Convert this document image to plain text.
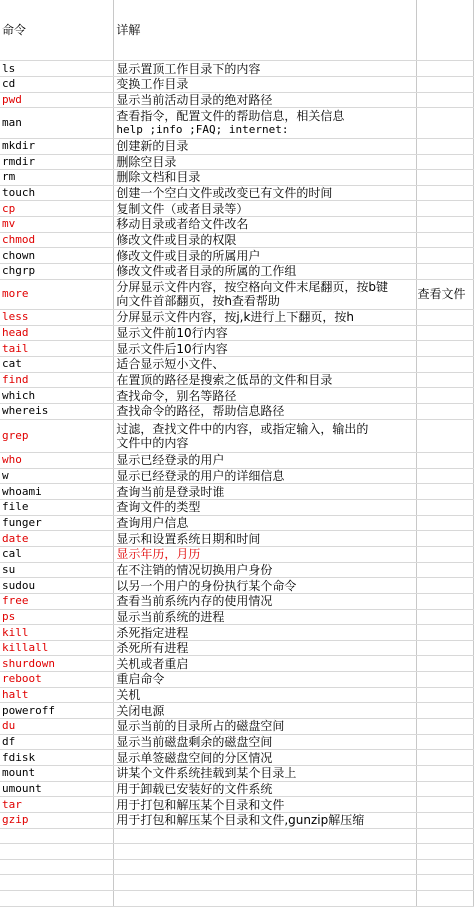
命令	详解	
ls	显示置顶工作目录下的内容	
cd	变换工作目录	
pwd	显示当前活动目录的绝对路径	
man	查看指令，配置文件的帮助信息，相关信息
help ;info ;FAQ; internet:	

mkdir	创建新的目录	
rmdir	删除空目录	
rm	删除文档和目录	
touch	创建一个空白文件或改变已有文件的时间	
cp	复制文件（或者目录等）	
mv	移动目录或者给文件改名	
chmod	修改文件或目录的权限	
chown	修改文件或目录的所属用户	
chgrp	修改文件或者目录的所属的工作组	
more	分屏显示文件内容，按空格向文件末尾翻页，按b键
向文件首部翻页，按h查看帮助	查看文件
less	分屏显示文件内容，按j,k进行上下翻页，按h	
head	显示文件前10行内容	
tail	显示文件后10行内容	
cat	适合显示短小文件、	
find	在置顶的路径是搜索之低昂的文件和目录	
which	查找命令，别名等路径	
whereis	查找命令的路径，帮助信息路径	
grep	过滤，查找文件中的内容，或指定输入，输出的
文件中的内容	

who	显示已经登录的用户	
w	显示已经登录的用户的详细信息	
whoami	查询当前是登录时谁	
file	查询文件的类型	
funger	查询用户信息	
date	显示和设置系统日期和时间	
cal	显示年历，月历	
su	在不注销的情况切换用户身份	
sudou	以另一个用户的身份执行某个命令	
free	查看当前系统内存的使用情况	
ps	显示当前系统的进程	
kill	杀死指定进程	
killall	杀死所有进程	
shurdown	关机或者重启	
reboot	重启命令	
halt	关机	
poweroff	关闭电源	
du	显示当前的目录所占的磁盘空间	
df	显示当前磁盘剩余的磁盘空间	
fdisk	显示单签磁盘空间的分区情况	
mount	讲某个文件系统挂载到某个目录上	
umount	用于卸载已安装好的文件系统	
tar	用于打包和解压某个目录和文件	
gzip	用于打包和解压某个目录和文件,gunzip解压缩	
